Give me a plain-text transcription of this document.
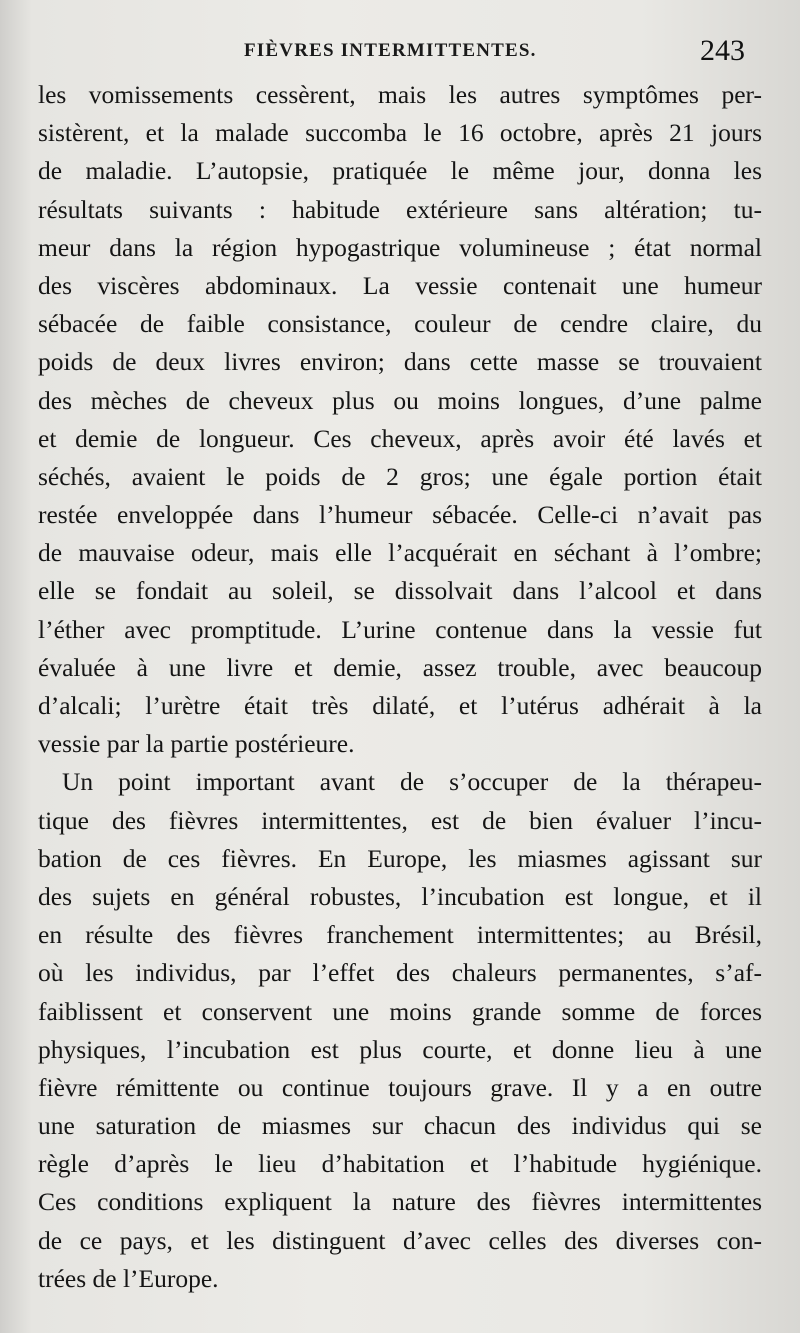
FIÈVRES INTERMITTENTES.	243
les vomissements cessèrent, mais les autres symptômes per-
sistèrent, et la malade succomba le 16 octobre, après 21 jours
de maladie. L’autopsie, pratiquée le même jour, donna les
résultats suivants : habitude extérieure sans altération; tu-
meur dans la région hypogastrique volumineuse ; état normal
des viscères abdominaux. La vessie contenait une humeur
sébacée de faible consistance, couleur de cendre claire, du
poids de deux livres environ; dans cette masse se trouvaient
des mèches de cheveux plus ou moins longues, d’une palme
et demie de longueur. Ces cheveux, après avoir été lavés et
séchés, avaient le poids de 2 gros; une égale portion était
restée enveloppée dans l’humeur sébacée. Celle-ci n’avait pas
de mauvaise odeur, mais elle l’acquérait en séchant à l’ombre;
elle se fondait au soleil, se dissolvait dans l’alcool et dans
l’éther avec promptitude. L’urine contenue dans la vessie fut
évaluée à une livre et demie, assez trouble, avec beaucoup
d’alcali; l’urètre était très dilaté, et l’utérus adhérait à la
vessie par la partie postérieure.
Un point important avant de s’occuper de la thérapeu-
tique des fièvres intermittentes, est de bien évaluer l’incu-
bation de ces fièvres. En Europe, les miasmes agissant sur
des sujets en général robustes, l’incubation est longue, et il
en résulte des fièvres franchement intermittentes; au Brésil,
où les individus, par l’effet des chaleurs permanentes, s’af-
faiblissent et conservent une moins grande somme de forces
physiques, l’incubation est plus courte, et donne lieu à une
fièvre rémittente ou continue toujours grave. Il y a en outre
une saturation de miasmes sur chacun des individus qui se
règle d’après le lieu d’habitation et l’habitude hygiénique.
Ces conditions expliquent la nature des fièvres intermittentes
de ce pays, et les distinguent d’avec celles des diverses con-
trées de l’Europe.
